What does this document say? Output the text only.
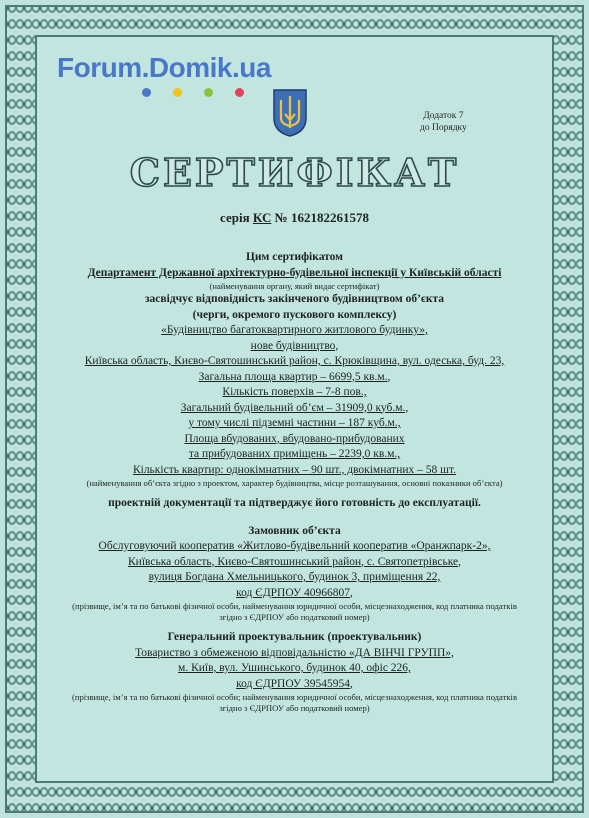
Forum.Domik.ua
Додаток 7
до Порядку
СЕРТИФІКАТ
серія КС № 162182261578
Цим сертифікатом
Департамент Державної архітектурно-будівельної інспекції у Київській області
(найменування органу, який видає сертифікат)
засвідчує відповідність закінченого будівництвом об’єкта
(черги, окремого пускового комплексу)
«Будівництво багатоквартирного житлового будинку»,
нове будівництво,
Київська область, Києво-Святошинський район, с. Крюківщина, вул. одеська, буд. 23,
Загальна площа квартир – 6699,5 кв.м.,
Кількість поверхів – 7-8 пов.,
Загальний будівельний об’єм – 31909,0 куб.м.,
у тому числі підземні частини – 187 куб.м.,
Площа вбудованих, вбудовано-прибудованих
та прибудованих приміщень – 2239,0 кв.м.,
Кількість квартир: однокімнатних – 90 шт., двокімнатних – 58 шт.
(найменування об’єкта згідно з проектом, характер будівництва, місце розташування, основні показники об’єкта)
проектній документації та підтверджує його готовність до експлуатації.
Замовник об’єкта
Обслуговуючий кооператив «Житлово-будівельний кооператив «Оранжпарк-2»,
Київська область, Києво-Святошинський район, с. Святопетрівське,
вулиця Богдана Хмельницького, будинок 3, приміщення 22,
код ЄДРПОУ 40966807,
(прізвище, ім’я та по батькові фізичної особи, найменування юридичної особи, місцезнаходження, код платника податків згідно з ЄДРПОУ або податковий номер)
Генеральний проектувальник (проектувальник)
Товариство з обмеженою відповідальністю «ДА ВІНЧІ ГРУПП»,
м. Київ, вул. Ушинського, будинок 40, офіс 226,
код ЄДРПОУ 39545954,
(прізвище, ім’я та по батькові фізичної особи; найменування юридичної особи, місцезнаходження, код платника податків згідно з ЄДРПОУ або податковий номер)
